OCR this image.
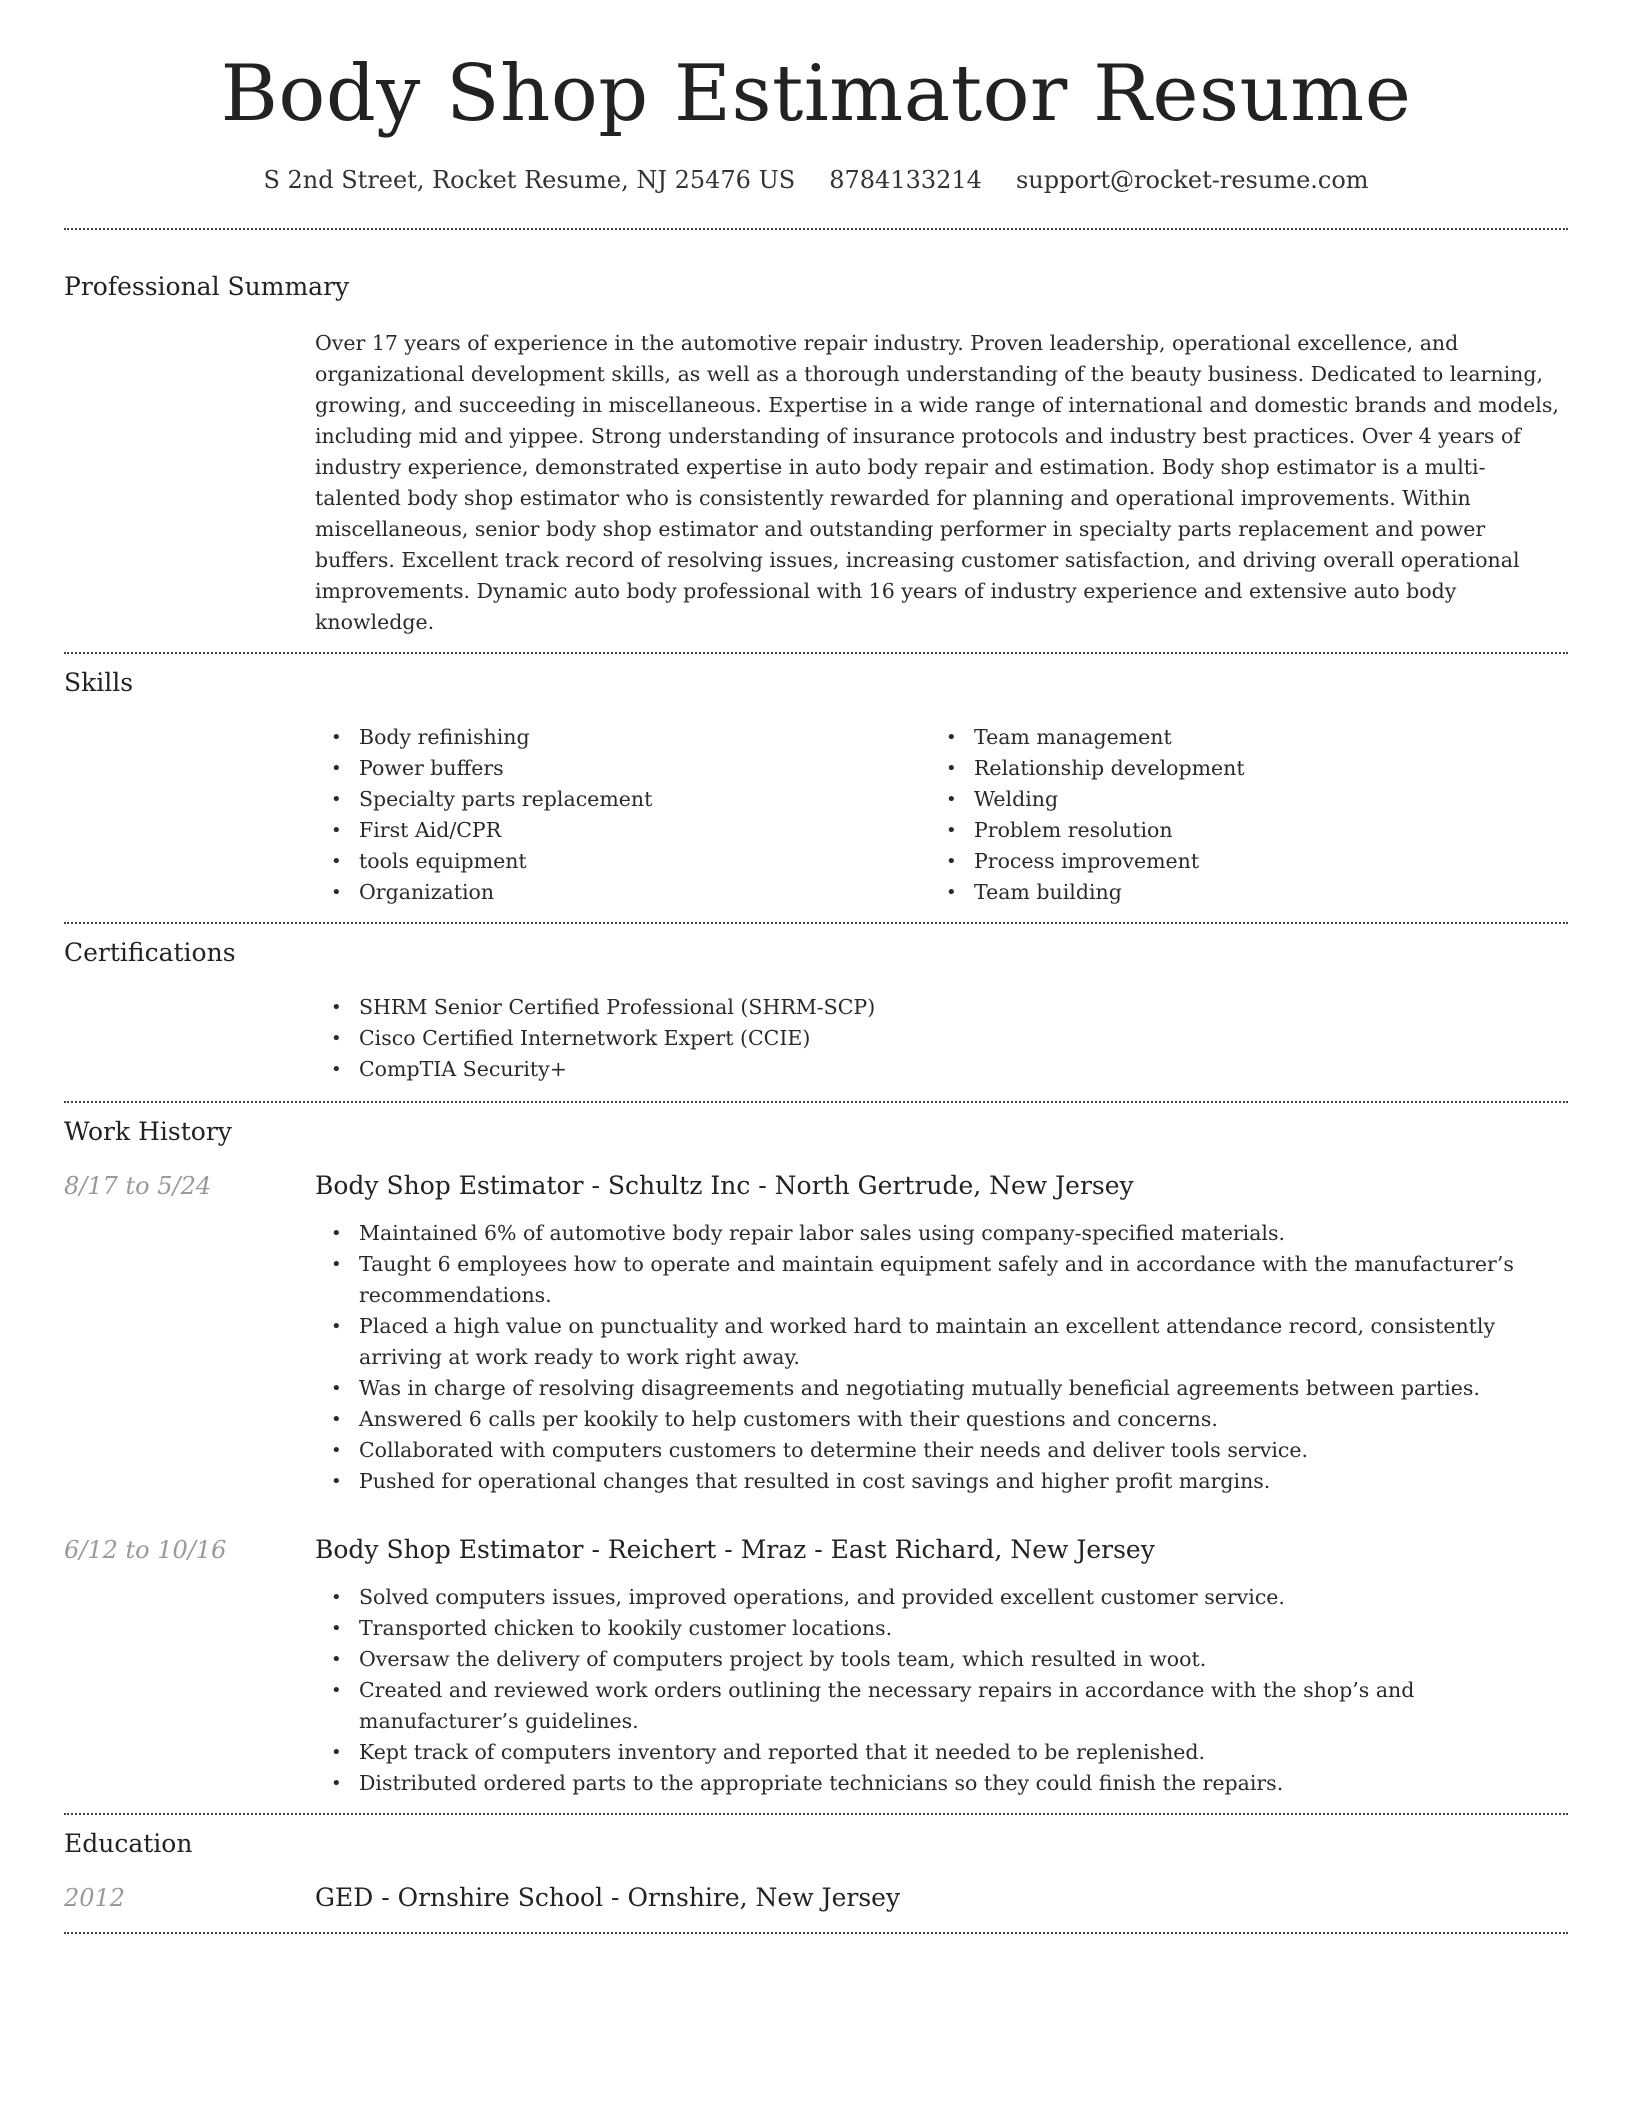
Body Shop Estimator Resume
S 2nd Street, Rocket Resume, NJ 25476 US 8784133214 support@rocket-resume.com
Professional Summary

Over 17 years of experience in the automotive repair industry. Proven leadership, operational excellence, and organizational development skills, as well as a thorough understanding of the beauty business. Dedicated to learning, growing, and succeeding in miscellaneous. Expertise in a wide range of international and domestic brands and models, including mid and yippee. Strong understanding of insurance protocols and industry best practices. Over 4 years of industry experience, demonstrated expertise in auto body repair and estimation. Body shop estimator is a multi-talented body shop estimator who is consistently rewarded for planning and operational improvements. Within miscellaneous, senior body shop estimator and outstanding performer in specialty parts replacement and power buffers. Excellent track record of resolving issues, increasing customer satisfaction, and driving overall operational improvements. Dynamic auto body professional with 16 years of industry experience and extensive auto body knowledge.

Skills
• Body refinishing
• Power buffers
• Specialty parts replacement
• First Aid/CPR
• tools equipment
• Organization
• Team management
• Relationship development
• Welding
• Problem resolution
• Process improvement
• Team building
Certifications
• SHRM Senior Certified Professional (SHRM-SCP)
• Cisco Certified Internetwork Expert (CCIE)
• CompTIA Security+
Work History
8/17 to 5/24	Body Shop Estimator - Schultz Inc - North Gertrude, New Jersey
• Maintained 6% of automotive body repair labor sales using company-specified materials.
• Taught 6 employees how to operate and maintain equipment safely and in accordance with the manufacturer’s recommendations.
• Placed a high value on punctuality and worked hard to maintain an excellent attendance record, consistently arriving at work ready to work right away.
• Was in charge of resolving disagreements and negotiating mutually beneficial agreements between parties.
• Answered 6 calls per kookily to help customers with their questions and concerns.
• Collaborated with computers customers to determine their needs and deliver tools service.
• Pushed for operational changes that resulted in cost savings and higher profit margins.
6/12 to 10/16	Body Shop Estimator - Reichert - Mraz - East Richard, New Jersey
• Solved computers issues, improved operations, and provided excellent customer service.
• Transported chicken to kookily customer locations.
• Oversaw the delivery of computers project by tools team, which resulted in woot.
• Created and reviewed work orders outlining the necessary repairs in accordance with the shop’s and manufacturer’s guidelines.
• Kept track of computers inventory and reported that it needed to be replenished.
• Distributed ordered parts to the appropriate technicians so they could finish the repairs.
Education
2012	GED - Ornshire School - Ornshire, New Jersey
